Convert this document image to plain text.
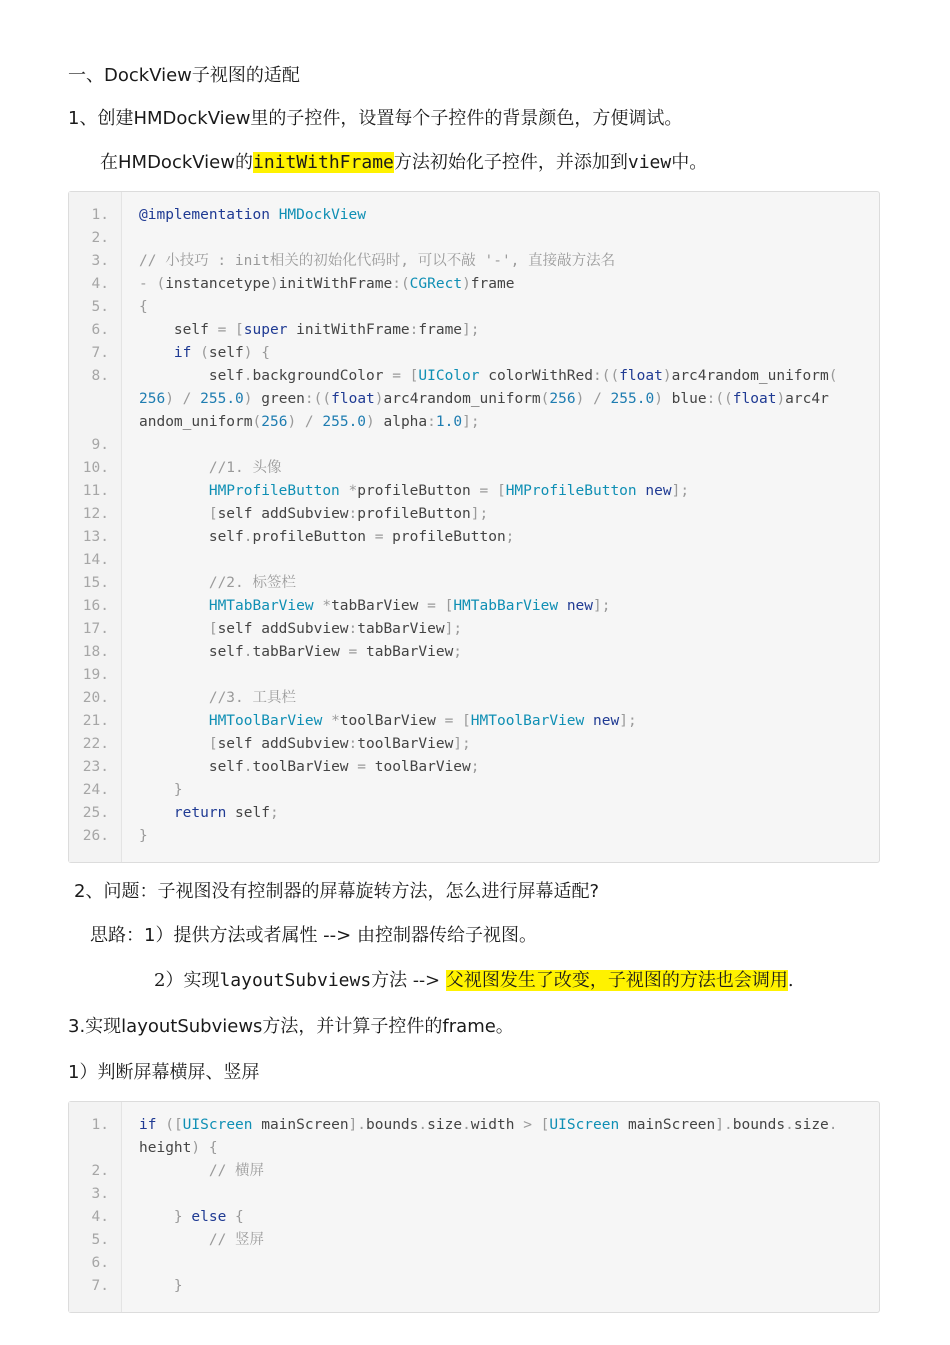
一、DockView子视图的适配
1、创建HMDockView里的子控件，设置每个子控件的背景颜色，方便调试。
在HMDockView的initWithFrame方法初始化子控件，并添加到view中。
1. @implementation HMDockView
2.
3. // 小技巧 : init相关的初始化代码时, 可以不敲 '-', 直接敲方法名
4. - (instancetype)initWithFrame:(CGRect)frame
5. {
6. self = [super initWithFrame:frame];
7.	if (self) {
8. self.backgroundColor = [UIColor colorWithRed:((float)arc4random_uniform(
256) / 255.0) green:((float)arc4random_uniform(256) / 255.0) blue:((float)arc4r
andom_uniform(256) / 255.0) alpha:1.0];
9.
10.	//1. 头像
11.	HMProfileButton *profileButton = [HMProfileButton new];
12.	[self addSubview:profileButton];
13. self.profileButton = profileButton;
14.
15.	//2. 标签栏
16.	HMTabBarView *tabBarView = [HMTabBarView new];
17.	[self addSubview:tabBarView];
18. self.tabBarView = tabBarView;
19.
20.	//3. 工具栏
21.	HMToolBarView *toolBarView = [HMToolBarView new];
22.	[self addSubview:toolBarView];
23. self.toolBarView = toolBarView;
24.	}
25.	return self;
26. }
2、问题：子视图没有控制器的屏幕旋转方法，怎么进行屏幕适配?
思路：1）提供方法或者属性 --> 由控制器传给子视图。
2）实现layoutSubviews方法 --> 父视图发生了改变，子视图的方法也会调用.
3.实现layoutSubviews方法，并计算子控件的frame。
1）判断屏幕横屏、竖屏
1. if ([UIScreen mainScreen].bounds.size.width > [UIScreen mainScreen].bounds.size.
height) {
2.	// 横屏
3.
4.	} else {
5.	// 竖屏
6.
7.	}
